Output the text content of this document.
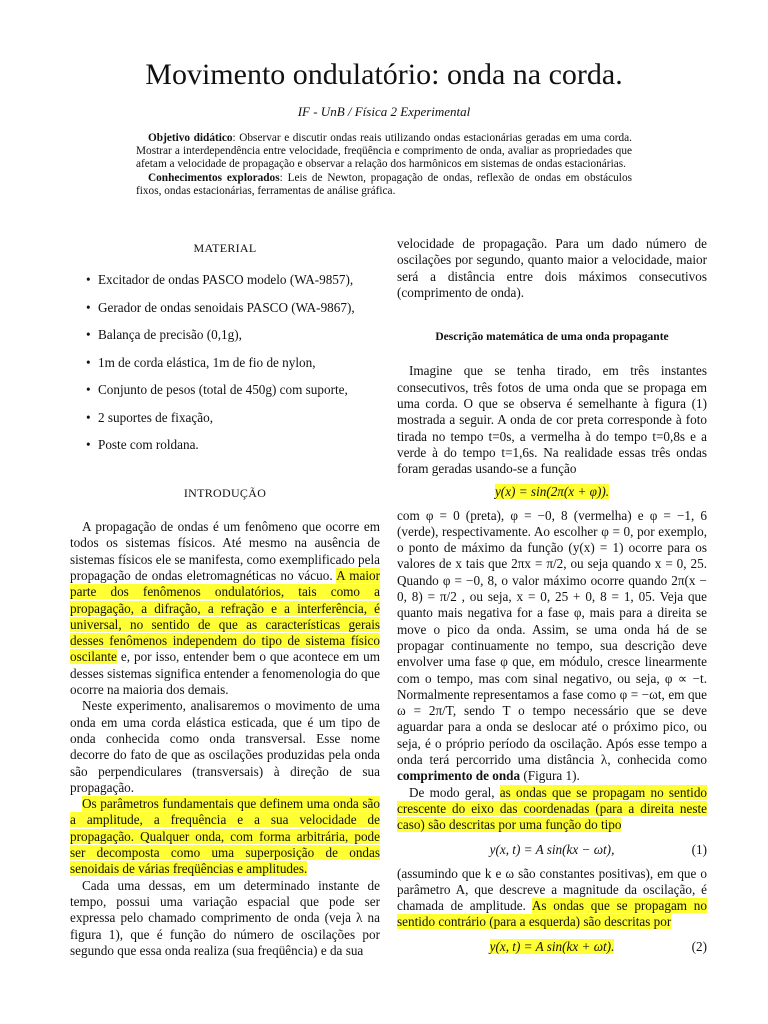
Movimento ondulatório: onda na corda.
IF - UnB / Física 2 Experimental

Objetivo didático: Observar e discutir ondas reais utilizando ondas estacionárias geradas em uma corda. Mostrar a interdependência entre velocidade, freqüência e comprimento de onda, avaliar as propriedades que afetam a velocidade de propagação e observar a relação dos harmônicos em sistemas de ondas estacionárias.

Conhecimentos explorados: Leis de Newton, propagação de ondas, reflexão de ondas em obstáculos fixos, ondas estacionárias, ferramentas de análise gráfica.

MATERIAL
• Excitador de ondas PASCO modelo (WA-9857),
• Gerador de ondas senoidais PASCO (WA-9867),
• Balança de precisão (0,1g),
• 1m de corda elástica, 1m de fio de nylon,
• Conjunto de pesos (total de 450g) com suporte,
• 2 suportes de fixação,
• Poste com roldana.
INTRODUÇÃO

A propagação de ondas é um fenômeno que ocorre em todos os sistemas físicos. Até mesmo na ausência de sistemas físicos ele se manifesta, como exemplificado pela propagação de ondas eletromagnéticas no vácuo. A maior parte dos fenômenos ondulatórios, tais como a propagação, a difração, a refração e a interferência, é universal, no sentido de que as características gerais desses fenômenos independem do tipo de sistema físico oscilante e, por isso, entender bem o que acontece em um desses sistemas significa entender a fenomenologia do que ocorre na maioria dos demais.

Neste experimento, analisaremos o movimento de uma onda em uma corda elástica esticada, que é um tipo de onda conhecida como onda transversal. Esse nome decorre do fato de que as oscilações produzidas pela onda são perpendiculares (transversais) à direção de sua propagação.

Os parâmetros fundamentais que definem uma onda são a amplitude, a frequência e a sua velocidade de propagação. Qualquer onda, com forma arbitrária, pode ser decomposta como uma superposição de ondas senoidais de várias freqüências e amplitudes.

Cada uma dessas, em um determinado instante de tempo, possui uma variação espacial que pode ser expressa pelo chamado comprimento de onda (veja λ na figura 1), que é função do número de oscilações por segundo que essa onda realiza (sua freqüência) e da sua

velocidade de propagação. Para um dado número de oscilações por segundo, quanto maior a velocidade, maior será a distância entre dois máximos consecutivos (comprimento de onda).

Descrição matemática de uma onda propagante

Imagine que se tenha tirado, em três instantes consecutivos, três fotos de uma onda que se propaga em uma corda. O que se observa é semelhante à figura (1) mostrada a seguir. A onda de cor preta corresponde à foto tirada no tempo t=0s, a vermelha à do tempo t=0,8s e a verde à do tempo t=1,6s. Na realidade essas três ondas foram geradas usando-se a função

y(x) = sin(2π(x + φ)).

com φ = 0 (preta), φ = −0, 8 (vermelha) e φ = −1, 6 (verde), respectivamente. Ao escolher φ = 0, por exemplo, o ponto de máximo da função (y(x) = 1) ocorre para os valores de x tais que 2πx = π/2, ou seja quando x = 0, 25. Quando φ = −0, 8, o valor máximo ocorre quando 2π(x − 0, 8) = π/2 , ou seja, x = 0, 25 + 0, 8 = 1, 05. Veja que quanto mais negativa for a fase φ, mais para a direita se move o pico da onda. Assim, se uma onda há de se propagar continuamente no tempo, sua descrição deve envolver uma fase φ que, em módulo, cresce linearmente com o tempo, mas com sinal negativo, ou seja, φ ∝ −t. Normalmente representamos a fase como φ = −ωt, em que ω = 2π/T, sendo T o tempo necessário que se deve aguardar para a onda se deslocar até o próximo pico, ou seja, é o próprio período da oscilação. Após esse tempo a onda terá percorrido uma distância λ, conhecida como comprimento de onda (Figura 1).

De modo geral, as ondas que se propagam no sentido crescente do eixo das coordenadas (para a direita neste caso) são descritas por uma função do tipo

y(x, t) = A sin(kx − ωt),	(1)

(assumindo que k e ω são constantes positivas), em que o parâmetro A, que descreve a magnitude da oscilação, é chamada de amplitude. As ondas que se propagam no sentido contrário (para a esquerda) são descritas por

y(x, t) = A sin(kx + ωt).	(2)
